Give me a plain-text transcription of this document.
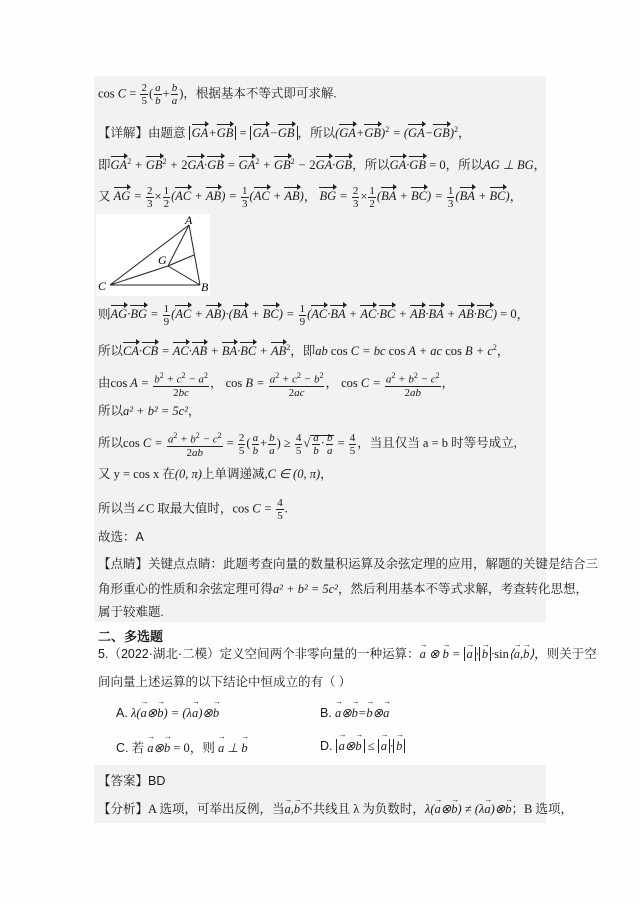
$\cos C = \frac{2}{5}$ ( $\frac{a}{b} + \frac{b}{a}$ )，根据基本不等式即可求解.
【详解】由题意 GA+GB = GA−GB ，所以$(GA+GB)^2 = (GA-GB)^2$，
即$GA^2 + GB^2 + 2GA\cdot GB = GA^2 + GB^2 - 2GA\cdot GB$，所以GA·GB = 0，所以AG ⊥ BG，
又 AG = $\frac{2}{3} \times \frac{1}{2} (AC + AB) = \frac{1}{3} (AC + AB)$， BG = $\frac{2}{3} \times \frac{1}{2} (BA + BC) = \frac{1}{3} (BA + BC)$，
A
G
C	B
则$AG\cdot BG = \frac{1}{9} (AC + AB)\cdot(BA + BC) = \frac{1}{9} (AC\cdot BA + AC\cdot BC + AB\cdot BA + AB\cdot BC) = 0$，
所以$CA\cdot CB = AC\cdot AB + BA\cdot BC + AB^2$，即ab cos C = bc cos A + ac $\cos B + c^2$，
由$\cos A = \frac{b^2 + c^2 - a^2}{2bc}$ ， $\cos B = \frac{a^2 + c^2 - b^2}{2ac}$ ， $\cos C = \frac{a^2 + b^2 - c^2}{2ab}$ ，
所以a² + b² = 5c²，
所以$\cos C = \frac{a^2 + b^2 - c^2}{2ab} = \frac{2}{5}$ ( $\frac{a}{b} + \frac{b}{a}$ ) ≥ $\frac{4}{5}$ √ $\frac{a}{b} \cdot \frac{b}{a} = \frac{4}{5}$ ，当且仅当 a = b 时等号成立,
又 y = cos x 在(0, π)上单调递减,C ∈ (0, π)，
所以当∠C 取最大值时，$\cos C = \frac{4}{5}$ .
故选：A
【点睛】关键点点睛：此题考查向量的数量积运算及余弦定理的应用，解题的关键是结合三
角形重心的性质和余弦定理可得a² + b² = 5c²，然后利用基本不等式求解，考查转化思想，
属于较难题.
二、多选题
5.（2022·湖北·二模）定义空间两个非零向量的一种运算：→ a ⊗ → b = → a · → b ·sin⟨→ a,→ b⟩，则关于空
间向量上述运算的以下结论中恒成立的有（ ）
A. λ(→ a⊗→ b) = (λ→ a)⊗→ b	B. → a⊗→ b=→ b⊗→ a
C. 若 → a⊗→ b = 0，则 → a ⊥ → b	D. → a⊗→ b ≤ → a · → b
【答案】BD
【分析】A 选项，可举出反例，当→ a,→ b不共线且 λ 为负数时，λ(→ a⊗→ b) ≠ (λ→ a)⊗→ b；B 选项，
